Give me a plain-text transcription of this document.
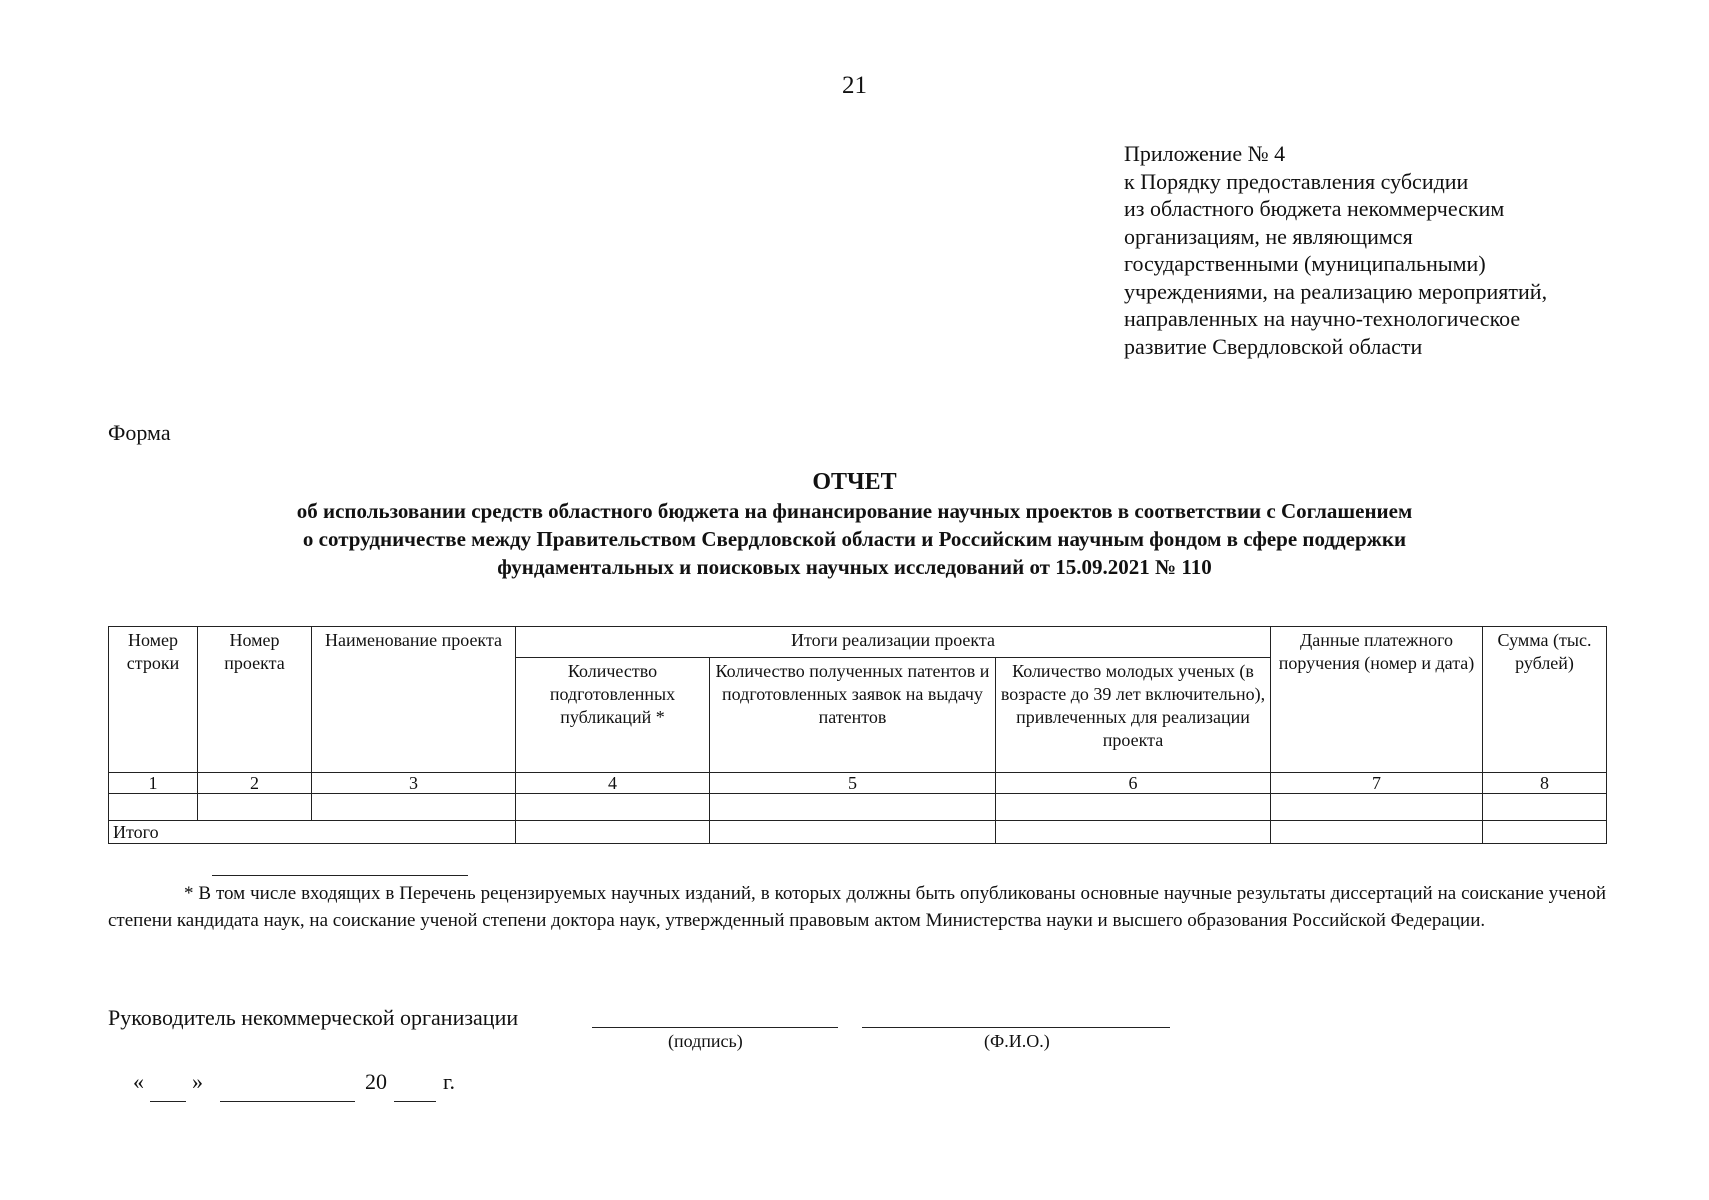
21
Приложение № 4
к Порядку предоставления субсидии
из областного бюджета некоммерческим
организациям, не являющимся
государственными (муниципальными)
учреждениями, на реализацию мероприятий,
направленных на научно-технологическое
развитие Свердловской области
Форма
ОТЧЕТ
об использовании средств областного бюджета на финансирование научных проектов в соответствии с Соглашением
о сотрудничестве между Правительством Свердловской области и Российским научным фондом в сфере поддержки
фундаментальных и поисковых научных исследований от 15.09.2021 № 110
Номер строки	Номер проекта	Наименование проекта	Итоги реализации проекта			Данные платежного поручения (номер и дата)	Сумма (тыс. рублей)
			Количество подготовленных публикаций *	Количество полученных патентов и подготовленных заявок на выдачу патентов	Количество молодых ученых (в возрасте до 39 лет включительно), привлеченных для реализации проекта		
1	2	3	4	5	6	7	8

Итого							
* В том числе входящих в Перечень рецензируемых научных изданий, в которых должны быть опубликованы основные научные результаты диссертаций на соискание ученой степени кандидата наук, на соискание ученой степени доктора наук, утвержденный правовым актом Министерства науки и высшего образования Российской Федерации.
Руководитель некоммерческой организации
(подпись)	(Ф.И.О.)
« »	20	г.
